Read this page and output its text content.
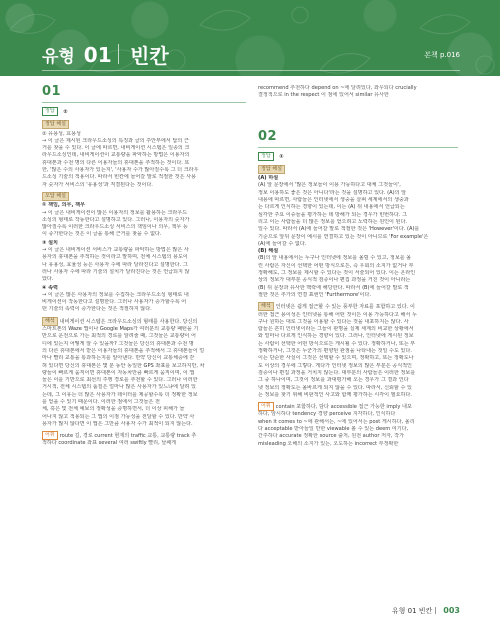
유형 01 빈칸	본책 p.016
01
정답 ②
정답 해설

② 유용성, 효용성

→ 이 글은 제시된 크라우드소싱의 특징과 글의 주안부에서 답의 근

거를 찾을 수 있다. 이 글에 따르면, 내비게이션 시스템은 일종의 크

라우드소싱인데, 내비게이션이 교통량을 파악하는 방법은 이용자의

휴대폰과 수천 명의 다른 이용자들의 휴대폰을 추적하는 것이다. 또

한, '많은 수의 사용자가 있는지', '사용자 수가 많아질수록 그 더 크라우

드소싱 기술의 적용이다. 따라서 빈칸에 들어갈 말로 적절한 것은 사용

자 숫자가 서비스의 '유용성'과 직결된다는 것이다.

오답 해설

① 책임, 의무, 책무

→ 이 글은 내비게이션이 많은 이용자의 정보를 활용하는 크라우드

소싱의 형태로 작동한다고 설명하고 있다. 그러나, 이용자의 숫자가

많아질수록 이러한 크라우드소싱 서비스의 책임이나 의무, 책무 등

이 증가한다는 것은 이 글을 통해 근거를 찾을 수 없다.

③ 설치

→ 이 글은 내비게이션 서비스가 교통량을 파악하는 방법은 많은 사

용자의 휴대폰을 추적하는 것이라고 말하며, 전체 시스템의 용도이

나 유용성, 효율성 등은 사용자 수에 따라 달라진다고 설명한다. 그

러나 사용자 수에 따라 기술의 설치가 달라진다는 것은 언급되지 않

았다.

④ 속력

→ 이 글은 많은 사용자의 정보를 수집하는 크라우드소싱 형태로 내

비게이션이 작동한다고 설명한다. 그러나 사용자가 증가할수록 어

떤 기술의 속력이 증가한다는 것은 적절하지 않다.

해석 내비게이션 시스템은 크라우드소싱의 형태를 사용한다. 당신의

스마트폰의 Waze 앱이나 Google Maps가 여러분의 교통량 패턴을 기

반으로 운전으로 가는 최적의 경로를 알려줄 때, 그것들은 교통량이 어

디에 있는지 어떻게 알 수 있을까? 그것들은 당신의 휴대폰과 수천 명

의 다른 휴대폰에서 받은 이용자들의 휴대폰을 추적해서 그 휴대폰들이 얼

마나 빨리 교통을 통과하는지를 알아낸다. 만약 당신이 교통체증에 갇

혀 있다면 당신의 휴대폰은 몇 분 동안 동일한 GPS 좌표를 보고하지만, 차

량들이 빠르게 움직이면 휴대폰이 자동차만큼 빠르게 움직이며, 이 앱

들은 이를 기반으로 최선의 주행 경로를 추천할 수 있다. 그러나 이러한

거시적, 전체 시스템의 품질은 얼마나 많은 사용자가 있느냐에 달려 있

는데, 그 이유는 더 많은 사용자가 데이터를 제공할수록 더 정확한 정보

를 얻을 수 있기 때문이다. 이러한 점에서 그것들은 전

체, 혹은 및 전체 예보의 정확성을 증명하면서, 더 이상 피해가 늘

어나지 않고 적용되는 그 앱의 이점 가능성을 전달할 수 있다. 만약 사

용자가 많지 않다면 이 앱은 그만큼 사용자 수가 최적이 되지 않는다.

어휘 route 길, 경로 current 현재의 traffic 교통, 교통량 track 추

적하다 coordinate 좌표 several 여러 swiftly 빨리, 날쌔게

recommend 추천하다 depend on ~에 달려있다, 좌우되다 crucially

결정적으로 in the respect 이 점에 있어서 similar 유사한

02
정답 ①
정답 해설

(A) 하설

(A) 앞 문장에서 '많은 정보들이 이용 가능하다고 대체 그것들이',

정보 이용하도 좋은 것은 아니다'라는 것을 설명하고 있다. (A)의 앞

내용에 따르면, 사람들은 인터넷에서 생중을 살펴 세계에서의 생중과

는 다르게 인식하는 경향이 있는데, 이는 (A) 뒤 내용에서 언급되는

심각한 주요 이슈들을 평가하는 데 방해가 되는 경우가 빈번하다. 그

리고 이는 사람들을 더 많은 정보를 얻으려고 노력하는 원인이 된다.

일수 있다. 따라서 (A)에 들어갈 말로 적절한 것은 'However'이다. (A)를

기준으로 앞뒤 문장이 예시를 연결하고 있는 것이 아니므로 'For example'은

(A)에 들어갈 수 없다.

(B) 해설

(B)의 앞 내용에서는 누구나 인터넷에 정보를 올릴 수 있고, 정보를 올

린 사람은 자신이 선택한 어떤 방식으로든, 즉 우회의 소지가 없거나 부

정확해도, 그 정보를 제시할 수 있다는 것이 서술되어 있다. 이는 온라인

상의 정보가 대부분 공식적 검증이나 편집 과정을 거친 것이 아니라는

(B) 뒤 문장과 유사한 맥락에 해당한다. 따라서 (B)에 들어갈 말로 적

절한 것은 추가의 연결 표현인 'Furthermore'이다.

해석 인터넷은 쉽게 접근할 수 있는 풍부한 자료를 포함하고 있다. 이

러한 접근 용이성은 인터넷을 통해 어떤 것이든 이용 가능하다고 해서 누

구나 원하는 대로 그것을 이용할 수 있다는 것을 내포하지는 않다. 사

람들은 흔히 인터넷이라는 그들이 판명을 실제 세계의 비교한 상황에서

와 얼마나 다르게 인식하는 경향이 있다. 그러나, 인터넷에 게시된 정보

는 사람이 선택한 어떤 방식으로든 게시될 수 있다. 정확하거나, 또는 부

정확하거나, 그것은 누군가의 편향된 관점을 나타내는 것일 수도 있다.

이는 단순한 사실이 그것은 선택할 수 있으며, 정확하고, 또는 정확도나

도 이상의 경우에 그렇다. 게다가 인터넷 정보의 많은 부분은 공식적인

검증이나 편집 과정을 거치지 않는다. 대부분의 사람들은 이러한 정보를

그 중 하나이며, 그것이 정보를 과대평가해 오는 경우가 그 결과 인다

넷 정보의 정확도는 올바르게 되지 않을 수 있다. 따라서, 신뢰할 수 있

는 정보를 찾기 위해 비판적인 사고와 함께 평가하는 시각이 필요하다.

어휘 contain 포함하다, 담다 accessible 접근 가능한 imply 내포

하다, 암시하다 tendency 경향 perceive 지각하다, 인식하다

when it comes to ~에 관해서는, ~에 있어서는 post 게시하다, 올리

다 acceptable 받아들일 만한 viewable 볼 수 있는 deem 여기다,

간주하다 accurate 정확한 source 출처, 원천 author 저자, 작가

misleading 오해의 소지가 있는, 오도하는 incorrect 부정확한

유형 01 빈칸 003
